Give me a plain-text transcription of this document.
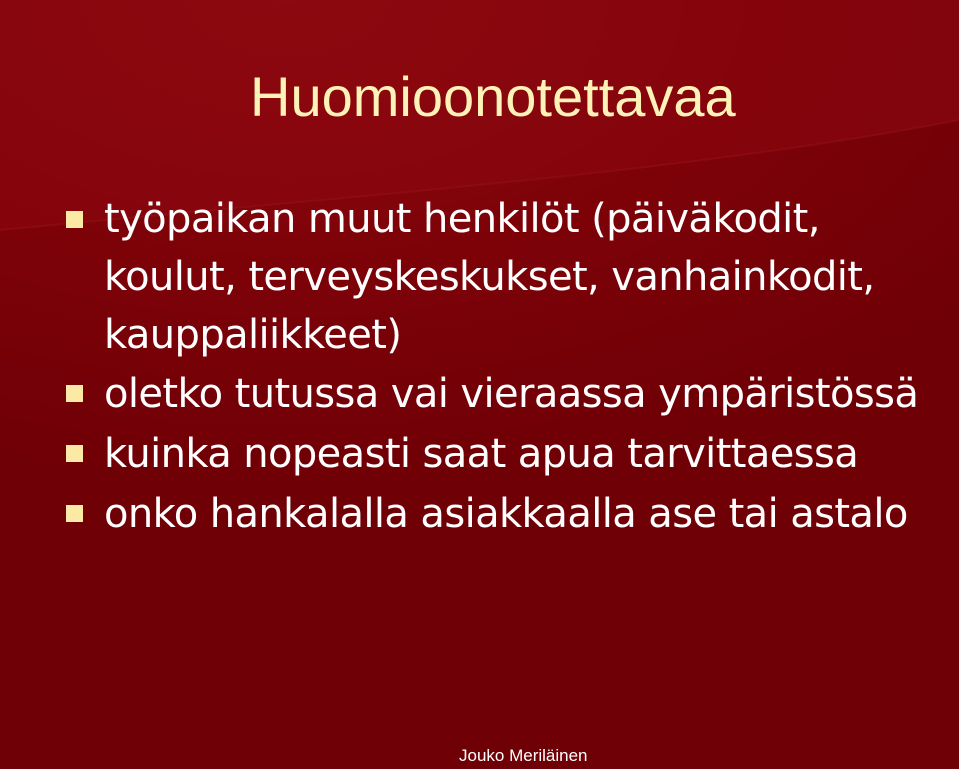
Huomioonotettavaa
työpaikan muut henkilöt (päiväkodit, koulut, terveyskeskukset, vanhainkodit, kauppaliikkeet)
oletko tutussa vai vieraassa ympäristössä
kuinka nopeasti saat apua tarvittaessa
onko hankalalla asiakkaalla ase tai astalo
Jouko Meriläinen
